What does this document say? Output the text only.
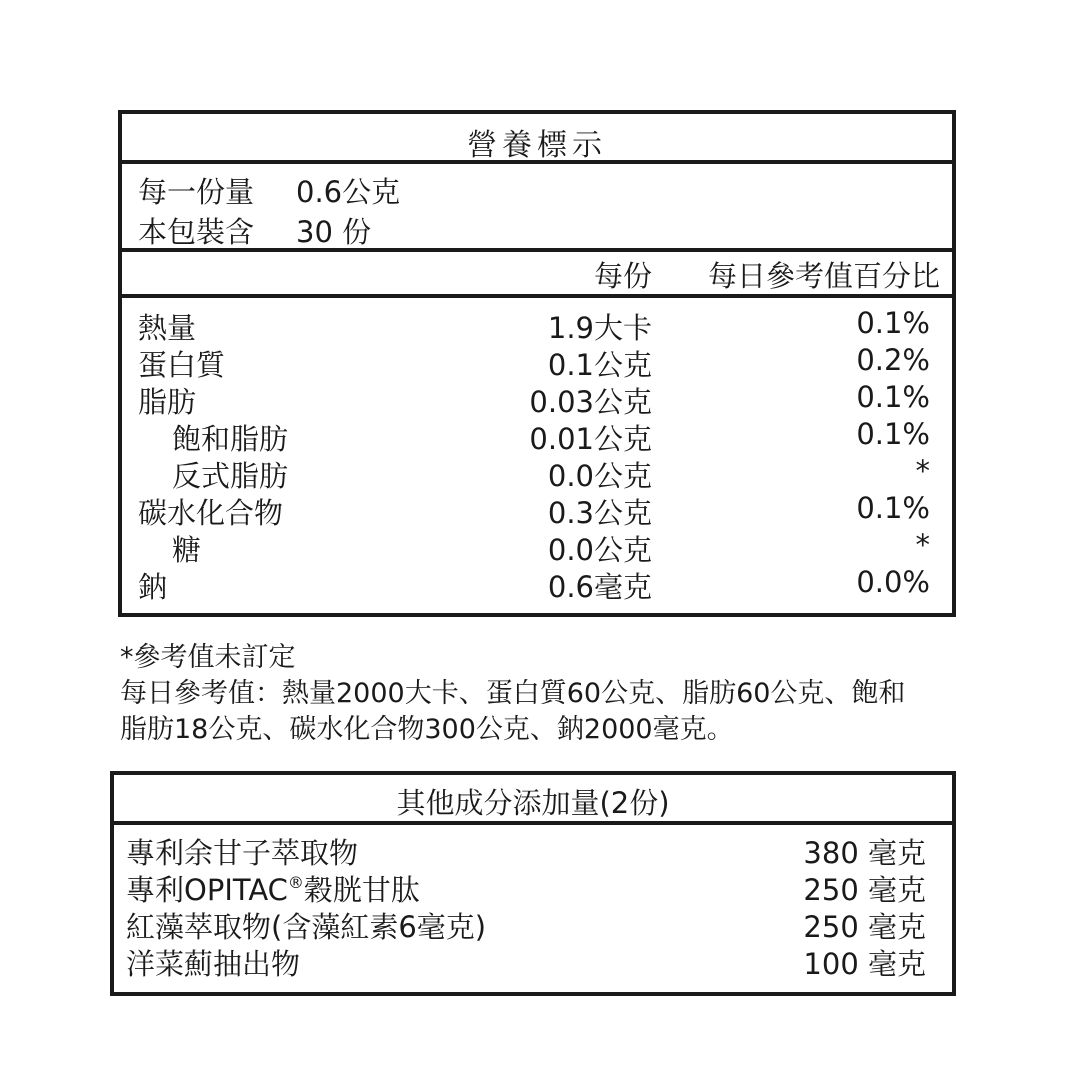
營養標示
每一份量 0.6公克
本包裝含 30 份
每份 每日參考值百分比
熱量	1.9大卡	0.1%
蛋白質	0.1公克	0.2%
脂肪	0.03公克	0.1%
飽和脂肪	0.01公克	0.1%
反式脂肪	0.0公克	*
碳水化合物	0.3公克	0.1%
糖	0.0公克	*
鈉	0.6毫克	0.0%
*參考值未訂定
每日參考值：熱量2000大卡、蛋白質60公克、脂肪60公克、飽和
脂肪18公克、碳水化合物300公克、鈉2000毫克。
其他成分添加量(2份)
專利余甘子萃取物	380 毫克
專利OPITAC®穀胱甘肽	250 毫克
紅藻萃取物(含藻紅素6毫克)	250 毫克
洋菜薊抽出物	100 毫克
